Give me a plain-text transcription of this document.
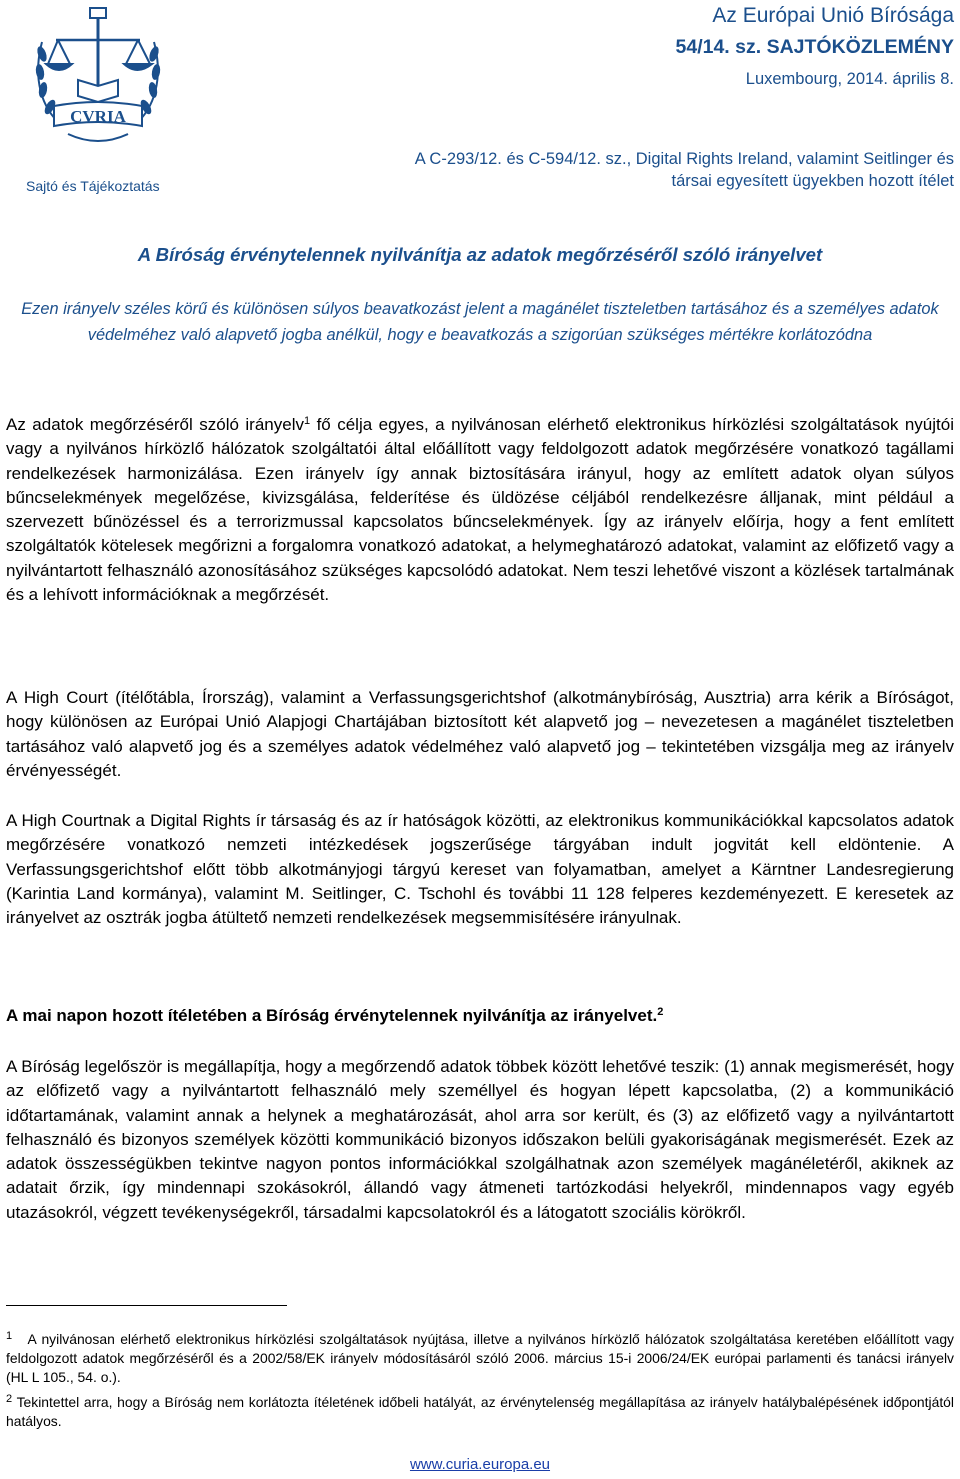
CVRIA
Sajtó és Tájékoztatás
Az Európai Unió Bírósága
54/14. sz. SAJTÓKÖZLEMÉNY
Luxembourg, 2014. április 8.
A C-293/12. és C-594/12. sz., Digital Rights Ireland, valamint Seitlinger és
társai egyesített ügyekben hozott ítélet
A Bíróság érvénytelennek nyilvánítja az adatok megőrzéséről szóló irányelvet
Ezen irányelv széles körű és különösen súlyos beavatkozást jelent a magánélet tiszteletben tartásához és a személyes adatok védelméhez való alapvető jogba anélkül, hogy e beavatkozás a szigorúan szükséges mértékre korlátozódna
Az adatok megőrzéséről szóló irányelv$^1$ fő célja egyes, a nyilvánosan elérhető elektronikus hírközlési szolgáltatások nyújtói vagy a nyilvános hírközlő hálózatok szolgáltatói által előállított vagy feldolgozott adatok megőrzésére vonatkozó tagállami rendelkezések harmonizálása. Ezen irányelv így annak biztosítására irányul, hogy az említett adatok olyan súlyos bűncselekmények megelőzése, kivizsgálása, felderítése és üldözése céljából rendelkezésre álljanak, mint például a szervezett bűnözéssel és a terrorizmussal kapcsolatos bűncselekmények. Így az irányelv előírja, hogy a fent említett szolgáltatók kötelesek megőrizni a forgalomra vonatkozó adatokat, a helymeghatározó adatokat, valamint az előfizető vagy a nyilvántartott felhasználó azonosításához szükséges kapcsolódó adatokat. Nem teszi lehetővé viszont a közlések tartalmának és a lehívott információknak a megőrzését.
A High Court (ítélőtábla, Írország), valamint a Verfassungsgerichtshof (alkotmánybíróság, Ausztria) arra kérik a Bíróságot, hogy különösen az Európai Unió Alapjogi Chartájában biztosított két alapvető jog – nevezetesen a magánélet tiszteletben tartásához való alapvető jog és a személyes adatok védelméhez való alapvető jog – tekintetében vizsgálja meg az irányelv érvényességét.
A High Courtnak a Digital Rights ír társaság és az ír hatóságok közötti, az elektronikus kommunikációkkal kapcsolatos adatok megőrzésére vonatkozó nemzeti intézkedések jogszerűsége tárgyában indult jogvitát kell eldöntenie. A Verfassungsgerichtshof előtt több alkotmányjogi tárgyú kereset van folyamatban, amelyet a Kärntner Landesregierung (Karintia Land kormánya), valamint M. Seitlinger, C. Tschohl és további 11 128 felperes kezdeményezett. E keresetek az irányelvet az osztrák jogba átültető nemzeti rendelkezések megsemmisítésére irányulnak.
A mai napon hozott ítéletében a Bíróság érvénytelennek nyilvánítja az irányelvet.$^2$
A Bíróság legelőször is megállapítja, hogy a megőrzendő adatok többek között lehetővé teszik: (1) annak megismerését, hogy az előfizető vagy a nyilvántartott felhasználó mely személlyel és hogyan lépett kapcsolatba, (2) a kommunikáció időtartamának, valamint annak a helynek a meghatározását, ahol arra sor került, és (3) az előfizető vagy a nyilvántartott felhasználó és bizonyos személyek közötti kommunikáció bizonyos időszakon belüli gyakoriságának megismerését. Ezek az adatok összességükben tekintve nagyon pontos információkkal szolgálhatnak azon személyek magánéletéről, akiknek az adatait őrzik, így mindennapi szokásokról, állandó vagy átmeneti tartózkodási helyekről, mindennapos vagy egyéb utazásokról, végzett tevékenységekről, társadalmi kapcsolatokról és a látogatott szociális körökről.
$^1$ A nyilvánosan elérhető elektronikus hírközlési szolgáltatások nyújtása, illetve a nyilvános hírközlő hálózatok szolgáltatása keretében előállított vagy feldolgozott adatok megőrzéséről és a 2002/58/EK irányelv módosításáról szóló 2006. március 15-i 2006/24/EK európai parlamenti és tanácsi irányelv (HL L 105., 54. o.).
$^2$ Tekintettel arra, hogy a Bíróság nem korlátozta ítéletének időbeli hatályát, az érvénytelenség megállapítása az irányelv hatálybalépésének időpontjától hatályos.
www.curia.europa.eu
